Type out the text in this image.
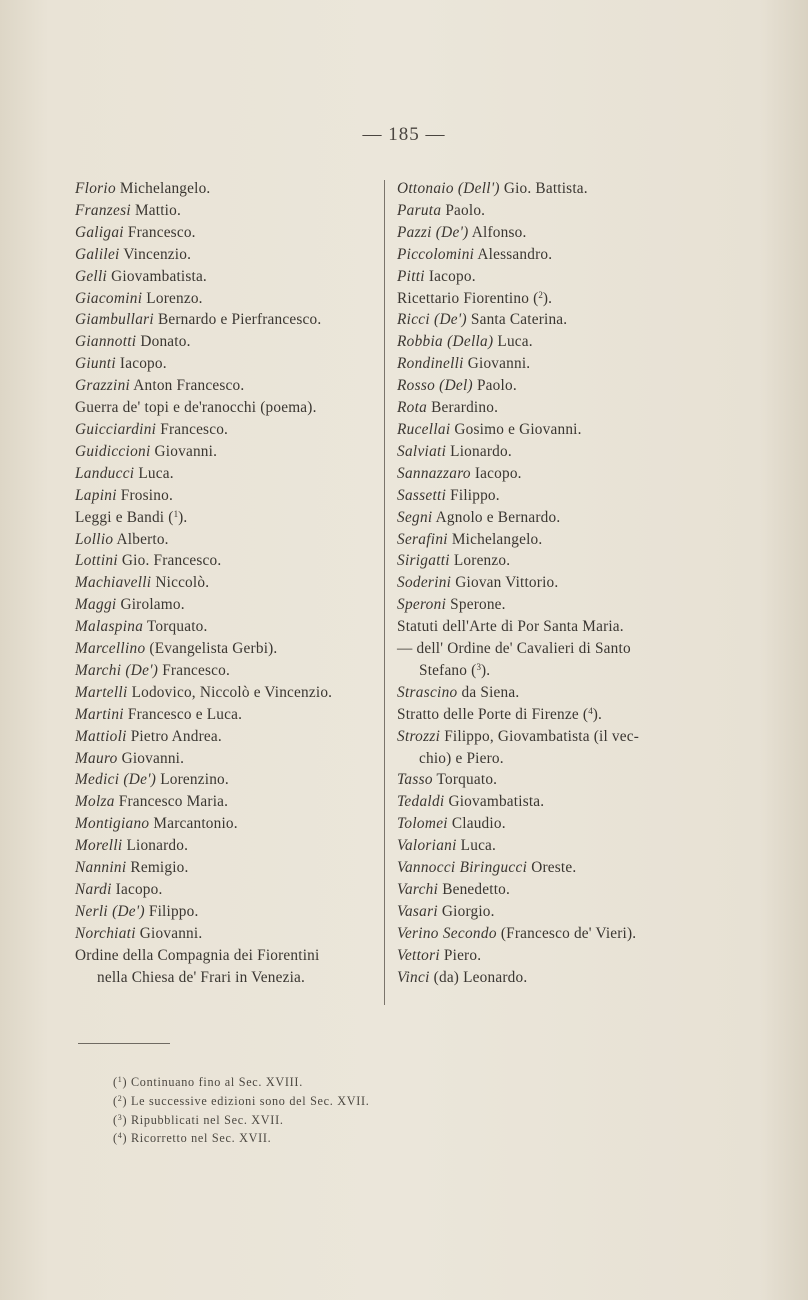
— 185 —
Florio Michelangelo.
Franzesi Mattio.
Galigai Francesco.
Galilei Vincenzio.
Gelli Giovambatista.
Giacomini Lorenzo.
Giambullari Bernardo e Pierfrancesco.
Giannotti Donato.
Giunti Iacopo.
Grazzini Anton Francesco.
Guerra de' topi e de'ranocchi (poema).
Guicciardini Francesco.
Guidiccioni Giovanni.
Landucci Luca.
Lapini Frosino.
Leggi e Bandi ($^1$).
Lollio Alberto.
Lottini Gio. Francesco.
Machiavelli Niccolò.
Maggi Girolamo.
Malaspina Torquato.
Marcellino (Evangelista Gerbi).
Marchi (De') Francesco.
Martelli Lodovico, Niccolò e Vincenzio.
Martini Francesco e Luca.
Mattioli Pietro Andrea.
Mauro Giovanni.
Medici (De') Lorenzino.
Molza Francesco Maria.
Montigiano Marcantonio.
Morelli Lionardo.
Nannini Remigio.
Nardi Iacopo.
Nerli (De') Filippo.
Norchiati Giovanni.
Ordine della Compagnia dei Fiorentini
nella Chiesa de' Frari in Venezia.
Ottonaio (Dell') Gio. Battista.
Paruta Paolo.
Pazzi (De') Alfonso.
Piccolomini Alessandro.
Pitti Iacopo.
Ricettario Fiorentino ($^2$).
Ricci (De') Santa Caterina.
Robbia (Della) Luca.
Rondinelli Giovanni.
Rosso (Del) Paolo.
Rota Berardino.
Rucellai Gosimo e Giovanni.
Salviati Lionardo.
Sannazzaro Iacopo.
Sassetti Filippo.
Segni Agnolo e Bernardo.
Serafini Michelangelo.
Sirigatti Lorenzo.
Soderini Giovan Vittorio.
Speroni Sperone.
Statuti dell'Arte di Por Santa Maria.
— dell' Ordine de' Cavalieri di Santo
Stefano ($^3$).
Strascino da Siena.
Stratto delle Porte di Firenze ($^4$).
Strozzi Filippo, Giovambatista (il vec-
chio) e Piero.
Tasso Torquato.
Tedaldi Giovambatista.
Tolomei Claudio.
Valoriani Luca.
Vannocci Biringucci Oreste.
Varchi Benedetto.
Vasari Giorgio.
Verino Secondo (Francesco de' Vieri).
Vettori Piero.
Vinci (da) Leonardo.
($^1$) Continuano fino al Sec. XVIII.
($^2$) Le successive edizioni sono del Sec. XVII.
($^3$) Ripubblicati nel Sec. XVII.
($^4$) Ricorretto nel Sec. XVII.
